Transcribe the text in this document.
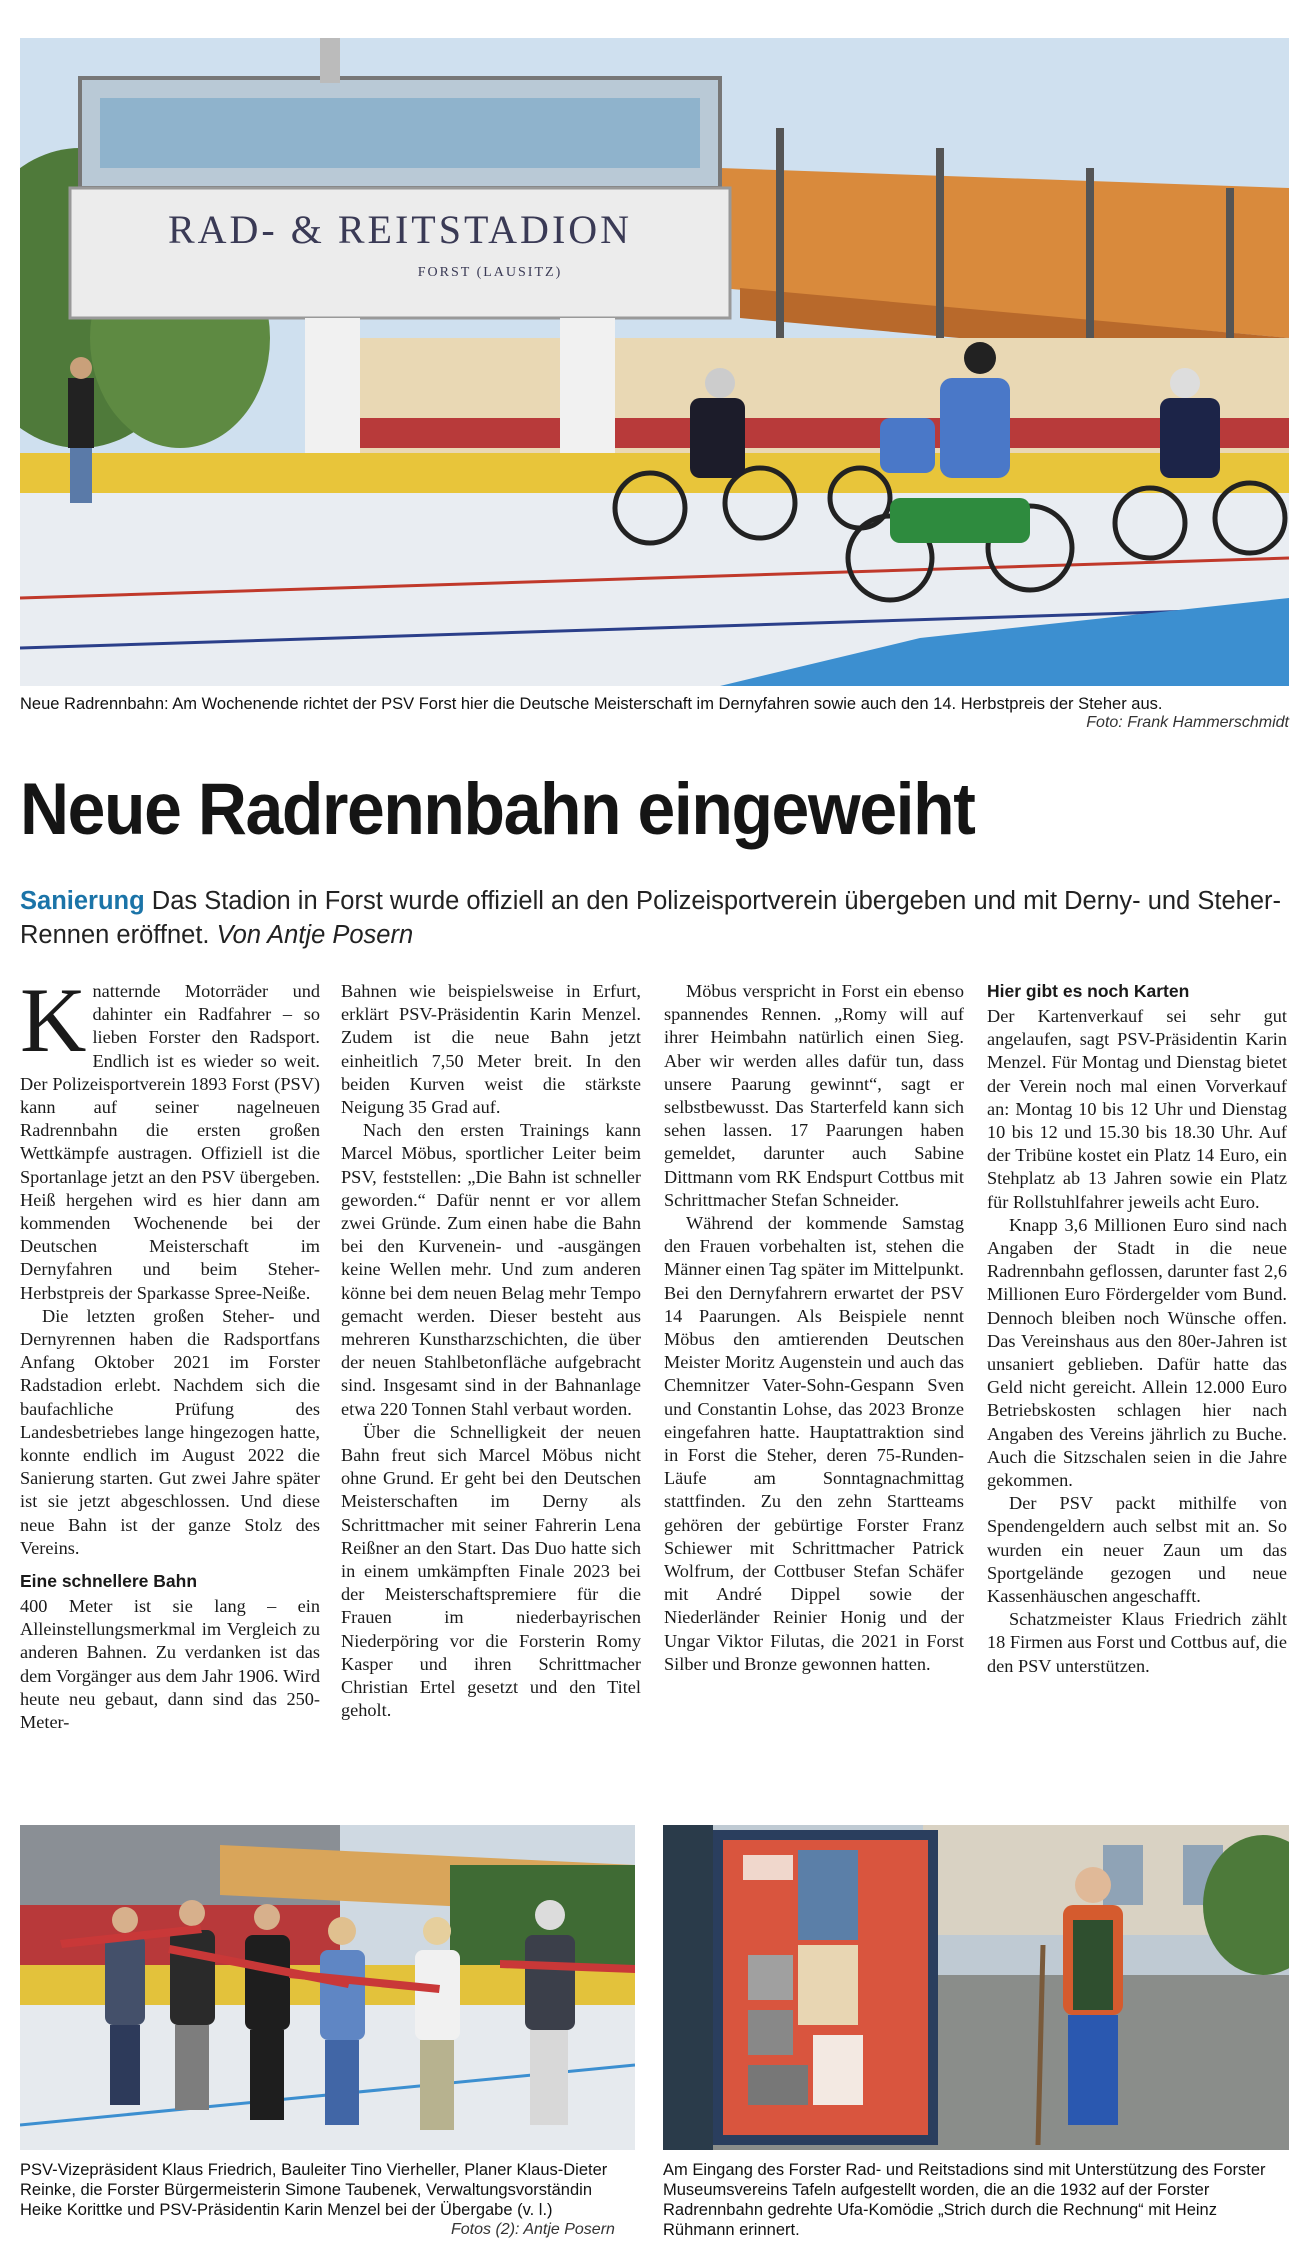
RAD- & REITSTADION
FORST (LAUSITZ)
Neue Radrennbahn: Am Wochenende richtet der PSV Forst hier die Deutsche Meisterschaft im Dernyfahren sowie auch den 14. Herbstpreis der Steher aus.
Foto: Frank Hammerschmidt
Neue Radrennbahn eingeweiht
Sanierung Das Stadion in Forst wurde offiziell an den Polizeisportverein übergeben und mit Derny- und Steher-Rennen eröffnet. Von Antje Posern

Knatternde Motorräder und dahinter ein Radfahrer – so lieben Forster den Radsport. Endlich ist es wieder so weit. Der Polizeisportverein 1893 Forst (PSV) kann auf seiner nagelneuen Radrennbahn die ersten großen Wettkämpfe austragen. Offiziell ist die Sportanlage jetzt an den PSV übergeben. Heiß hergehen wird es hier dann am kommenden Wochenende bei der Deutschen Meisterschaft im Dernyfahren und beim Steher-Herbstpreis der Sparkasse Spree-Neiße.

Die letzten großen Steher- und Dernyrennen haben die Radsportfans Anfang Oktober 2021 im Forster Radstadion erlebt. Nachdem sich die baufachliche Prüfung des Landesbetriebes lange hingezogen hatte, konnte endlich im August 2022 die Sanierung starten. Gut zwei Jahre später ist sie jetzt abgeschlossen. Und diese neue Bahn ist der ganze Stolz des Vereins.

Eine schnellere Bahn

400 Meter ist sie lang – ein Alleinstellungsmerkmal im Vergleich zu anderen Bahnen. Zu verdanken ist das dem Vorgänger aus dem Jahr 1906. Wird heute neu gebaut, dann sind das 250-Meter-

Bahnen wie beispielsweise in Erfurt, erklärt PSV-Präsidentin Karin Menzel. Zudem ist die neue Bahn jetzt einheitlich 7,50 Meter breit. In den beiden Kurven weist die stärkste Neigung 35 Grad auf.

Nach den ersten Trainings kann Marcel Möbus, sportlicher Leiter beim PSV, feststellen: „Die Bahn ist schneller geworden.“ Dafür nennt er vor allem zwei Gründe. Zum einen habe die Bahn bei den Kurvenein- und -ausgängen keine Wellen mehr. Und zum anderen könne bei dem neuen Belag mehr Tempo gemacht werden. Dieser besteht aus mehreren Kunstharzschichten, die über der neuen Stahlbetonfläche aufgebracht sind. Insgesamt sind in der Bahnanlage etwa 220 Tonnen Stahl verbaut worden.

Über die Schnelligkeit der neuen Bahn freut sich Marcel Möbus nicht ohne Grund. Er geht bei den Deutschen Meisterschaften im Derny als Schrittmacher mit seiner Fahrerin Lena Reißner an den Start. Das Duo hatte sich in einem umkämpften Finale 2023 bei der Meisterschaftspremiere für die Frauen im niederbayrischen Niederpöring vor die Forsterin Romy Kasper und ihren Schrittmacher Christian Ertel gesetzt und den Titel geholt.

Möbus verspricht in Forst ein ebenso spannendes Rennen. „Romy will auf ihrer Heimbahn natürlich einen Sieg. Aber wir werden alles dafür tun, dass unsere Paarung gewinnt“, sagt er selbstbewusst. Das Starterfeld kann sich sehen lassen. 17 Paarungen haben gemeldet, darunter auch Sabine Dittmann vom RK Endspurt Cottbus mit Schrittmacher Stefan Schneider.

Während der kommende Samstag den Frauen vorbehalten ist, stehen die Männer einen Tag später im Mittelpunkt. Bei den Dernyfahrern erwartet der PSV 14 Paarungen. Als Beispiele nennt Möbus den amtierenden Deutschen Meister Moritz Augenstein und auch das Chemnitzer Vater-Sohn-Gespann Sven und Constantin Lohse, das 2023 Bronze eingefahren hatte. Hauptattraktion sind in Forst die Steher, deren 75-Runden-Läufe am Sonntagnachmittag stattfinden. Zu den zehn Startteams gehören der gebürtige Forster Franz Schiewer mit Schrittmacher Patrick Wolfrum, der Cottbuser Stefan Schäfer mit André Dippel sowie der Niederländer Reinier Honig und der Ungar Viktor Filutas, die 2021 in Forst Silber und Bronze gewonnen hatten.

Hier gibt es noch Karten

Der Kartenverkauf sei sehr gut angelaufen, sagt PSV-Präsidentin Karin Menzel. Für Montag und Dienstag bietet der Verein noch mal einen Vorverkauf an: Montag 10 bis 12 Uhr und Dienstag 10 bis 12 und 15.30 bis 18.30 Uhr. Auf der Tribüne kostet ein Platz 14 Euro, ein Stehplatz ab 13 Jahren sowie ein Platz für Rollstuhlfahrer jeweils acht Euro.

Knapp 3,6 Millionen Euro sind nach Angaben der Stadt in die neue Radrennbahn geflossen, darunter fast 2,6 Millionen Euro Fördergelder vom Bund. Dennoch bleiben noch Wünsche offen. Das Vereinshaus aus den 80er-Jahren ist unsaniert geblieben. Dafür hatte das Geld nicht gereicht. Allein 12.000 Euro Betriebskosten schlagen hier nach Angaben des Vereins jährlich zu Buche. Auch die Sitzschalen seien in die Jahre gekommen.

Der PSV packt mithilfe von Spendengeldern auch selbst mit an. So wurden ein neuer Zaun um das Sportgelände gezogen und neue Kassenhäuschen angeschafft.

Schatzmeister Klaus Friedrich zählt 18 Firmen aus Forst und Cottbus auf, die den PSV unterstützen.

PSV-Vizepräsident Klaus Friedrich, Bauleiter Tino Vierheller, Planer Klaus-Dieter Reinke, die Forster Bürgermeisterin Simone Taubenek, Verwaltungsvorständin Heike Korittke und PSV-Präsidentin Karin Menzel bei der Übergabe (v. l.)
Fotos (2): Antje Posern
Am Eingang des Forster Rad- und Reitstadions sind mit Unterstützung des Forster Museumsvereins Tafeln aufgestellt worden, die an die 1932 auf der Forster Radrennbahn gedrehte Ufa-Komödie „Strich durch die Rechnung“ mit Heinz Rühmann erinnert.
